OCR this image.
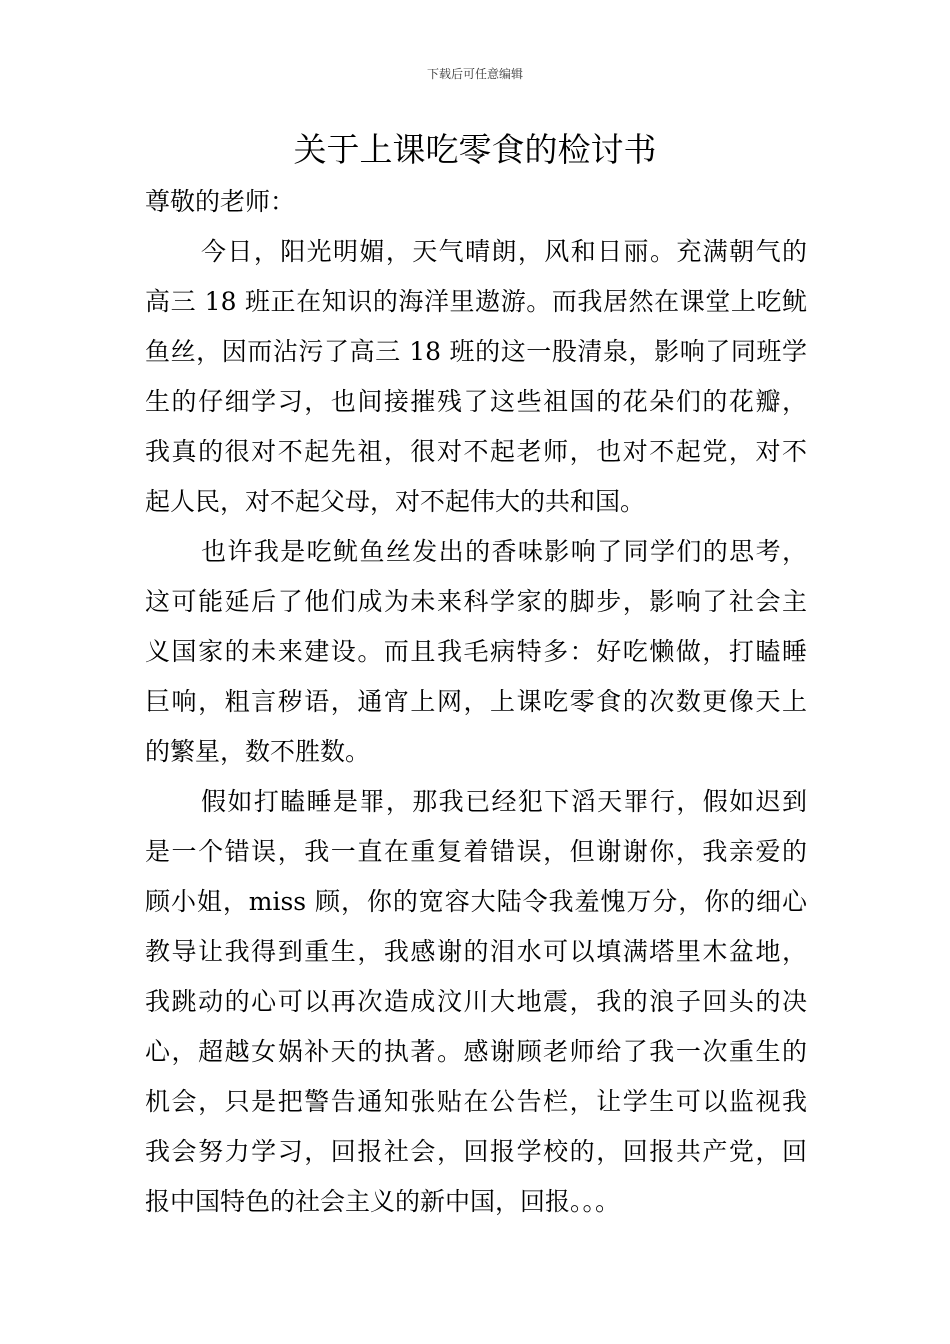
下载后可任意编辑
关于上课吃零食的检讨书
尊敬的老师：
今日，阳光明媚，天气晴朗，风和日丽。充满朝气的
高三 18 班正在知识的海洋里遨游。而我居然在课堂上吃鱿
鱼丝，因而沾污了高三 18 班的这一股清泉，影响了同班学
生的仔细学习，也间接摧残了这些祖国的花朵们的花瓣，
我真的很对不起先祖，很对不起老师，也对不起党，对不
起人民，对不起父母，对不起伟大的共和国。
也许我是吃鱿鱼丝发出的香味影响了同学们的思考，
这可能延后了他们成为未来科学家的脚步，影响了社会主
义国家的未来建设。而且我毛病特多：好吃懒做，打瞌睡
巨响，粗言秽语，通宵上网，上课吃零食的次数更像天上
的繁星，数不胜数。
假如打瞌睡是罪，那我已经犯下滔天罪行，假如迟到
是一个错误，我一直在重复着错误，但谢谢你，我亲爱的
顾小姐，miss 顾，你的宽容大陆令我羞愧万分，你的细心
教导让我得到重生，我感谢的泪水可以填满塔里木盆地，
我跳动的心可以再次造成汶川大地震，我的浪子回头的决
心，超越女娲补天的执著。感谢顾老师给了我一次重生的
机会，只是把警告通知张贴在公告栏，让学生可以监视我
我会努力学习，回报社会，回报学校的，回报共产党，回
报中国特色的社会主义的新中国，回报。。。
